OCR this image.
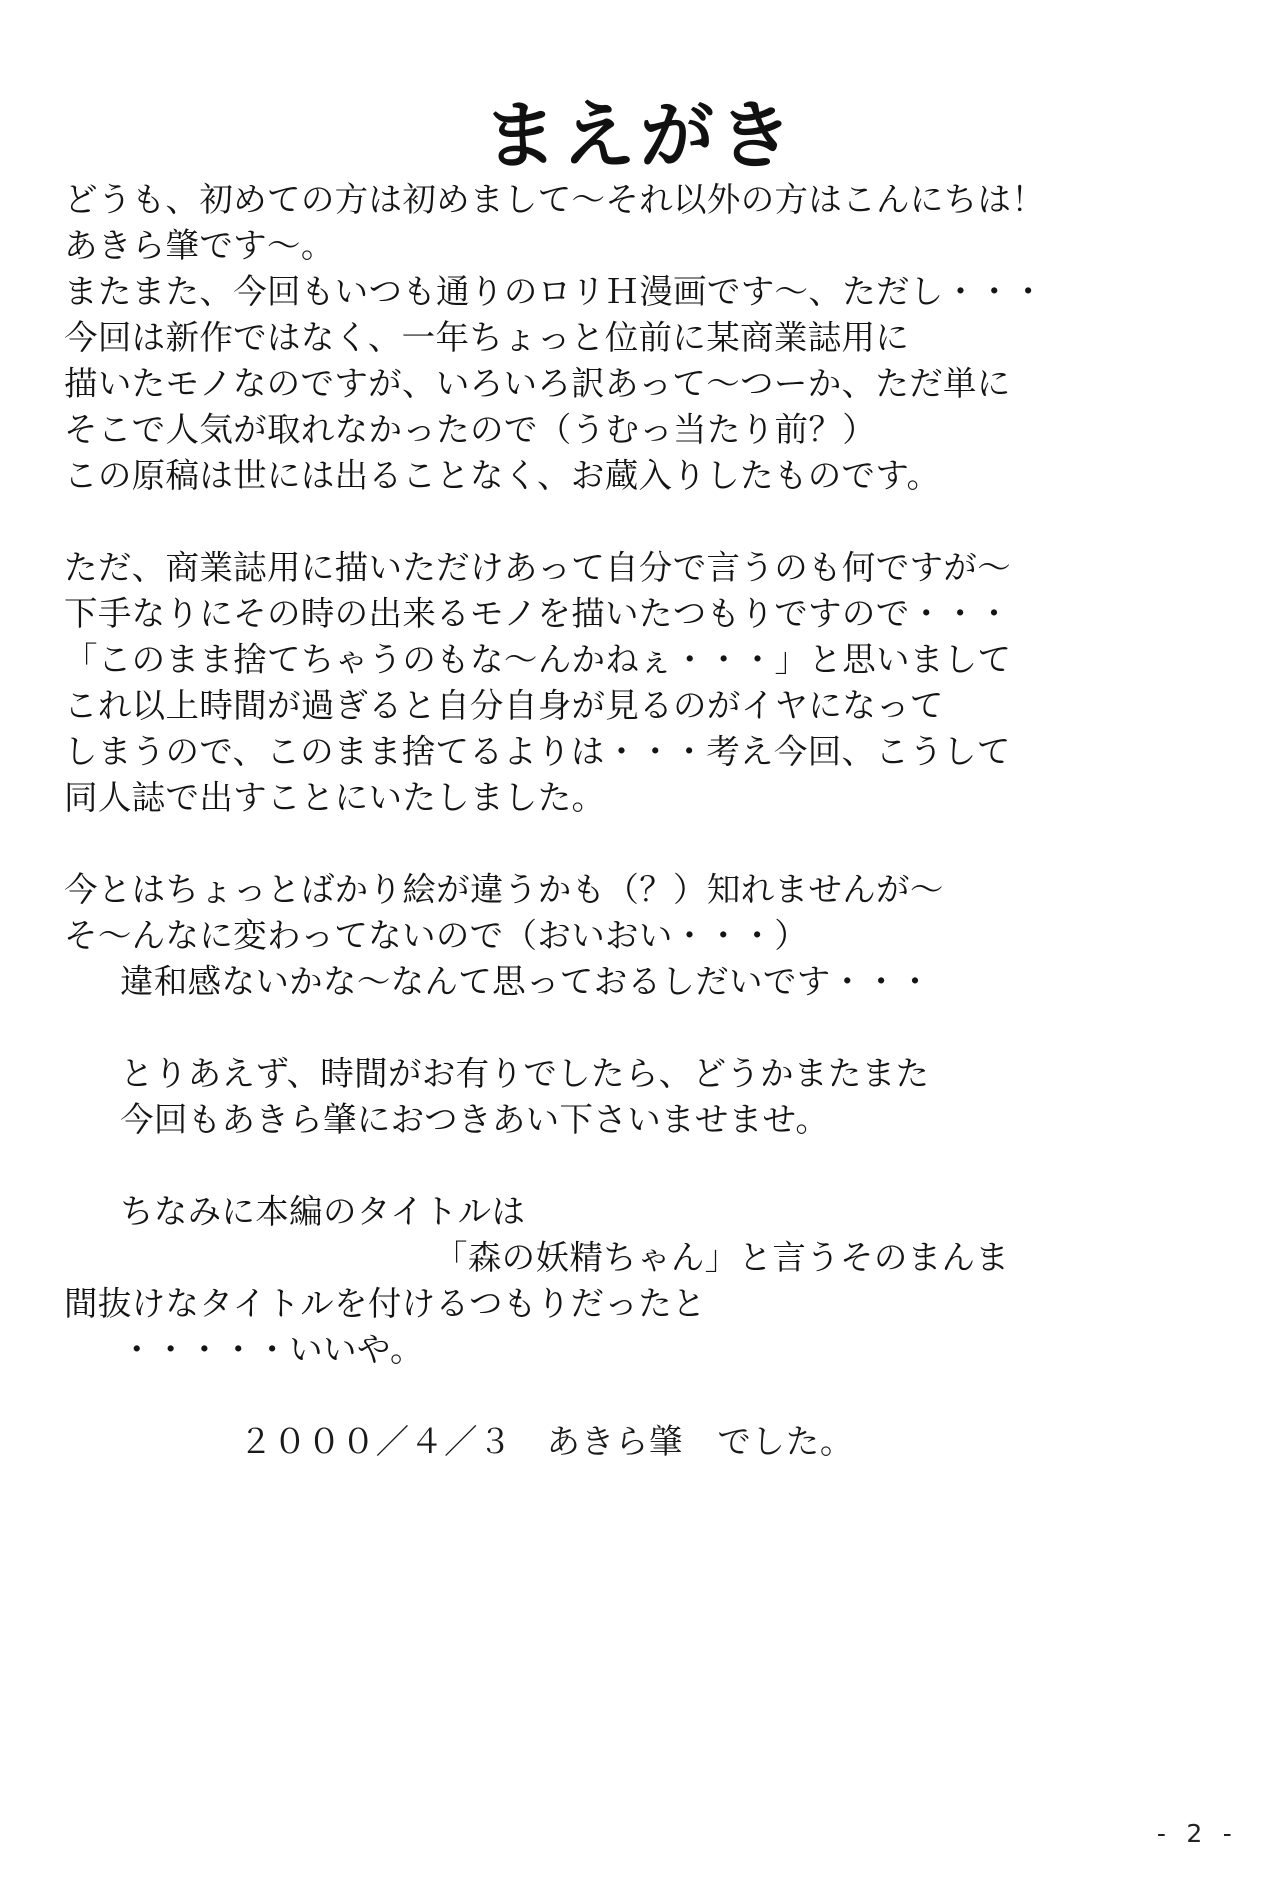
まえがき
どうも、初めての方は初めまして～それ以外の方はこんにちは！
あきら肇です～。
またまた、今回もいつも通りのロリＨ漫画です～、ただし・・・
今回は新作ではなく、一年ちょっと位前に某商業誌用に
描いたモノなのですが、いろいろ訳あって～つーか、ただ単に
そこで人気が取れなかったので（うむっ当たり前？）
この原稿は世には出ることなく、お蔵入りしたものです。
ただ、商業誌用に描いただけあって自分で言うのも何ですが～
下手なりにその時の出来るモノを描いたつもりですので・・・
「このまま捨てちゃうのもな～んかねぇ・・・」と思いまして
これ以上時間が過ぎると自分自身が見るのがイヤになって
しまうので、このまま捨てるよりは・・・考え今回、こうして
同人誌で出すことにいたしました。
今とはちょっとばかり絵が違うかも（？）知れませんが～
そ～んなに変わってないので（おいおい・・・）
違和感ないかな～なんて思っておるしだいです・・・
とりあえず、時間がお有りでしたら、どうかまたまた
今回もあきら肇におつきあい下さいませませ。
ちなみに本編のタイトルは
「森の妖精ちゃん」と言うそのまんま
間抜けなタイトルを付けるつもりだったと
・・・・・いいや。
２０００／４／３　あきら肇　でした。
- 2 -
